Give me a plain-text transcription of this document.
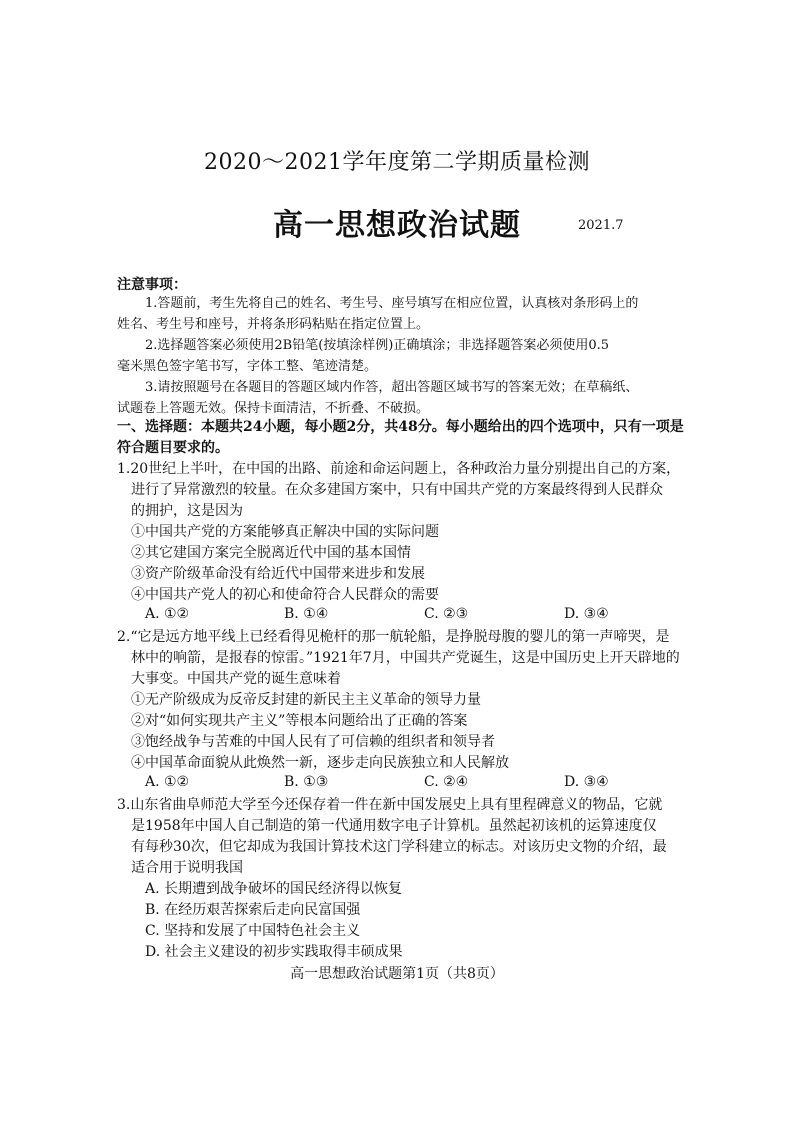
2020～2021学年度第二学期质量检测
高一思想政治试题	2021.7
注意事项：
1.答题前，考生先将自己的姓名、考生号、座号填写在相应位置，认真核对条形码上的
姓名、考生号和座号，并将条形码粘贴在指定位置上。
2.选择题答案必须使用2B铅笔(按填涂样例)正确填涂；非选择题答案必须使用0.5
毫米黑色签字笔书写，字体工整、笔迹清楚。
3.请按照题号在各题目的答题区域内作答，超出答题区域书写的答案无效；在草稿纸、
试题卷上答题无效。保持卡面清洁，不折叠、不破损。
一、选择题：本题共24小题，每小题2分，共48分。每小题给出的四个选项中，只有一项是
符合题目要求的。
1.20世纪上半叶，在中国的出路、前途和命运问题上，各种政治力量分别提出自己的方案，
进行了异常激烈的较量。在众多建国方案中，只有中国共产党的方案最终得到人民群众
的拥护，这是因为
①中国共产党的方案能够真正解决中国的实际问题
②其它建国方案完全脱离近代中国的基本国情
③资产阶级革命没有给近代中国带来进步和发展
④中国共产党人的初心和使命符合人民群众的需要
A. ①②	B. ①④	C. ②③	D. ③④
2.“它是远方地平线上已经看得见桅杆的那一航轮船，是挣脱母腹的婴儿的第一声啼哭，是
林中的响箭，是报春的惊雷。”1921年7月，中国共产党诞生，这是中国历史上开天辟地的
大事变。中国共产党的诞生意味着
①无产阶级成为反帝反封建的新民主主义革命的领导力量
②对“如何实现共产主义”等根本问题给出了正确的答案
③饱经战争与苦难的中国人民有了可信赖的组织者和领导者
④中国革命面貌从此焕然一新，逐步走向民族独立和人民解放
A. ①②	B. ①③	C. ②④	D. ③④
3.山东省曲阜师范大学至今还保存着一件在新中国发展史上具有里程碑意义的物品，它就
是1958年中国人自己制造的第一代通用数字电子计算机。虽然起初该机的运算速度仅
有每秒30次，但它却成为我国计算技术这门学科建立的标志。对该历史文物的介绍，最
适合用于说明我国
A. 长期遭到战争破坏的国民经济得以恢复
B. 在经历艰苦探索后走向民富国强
C. 坚持和发展了中国特色社会主义
D. 社会主义建设的初步实践取得丰硕成果
高一思想政治试题第1页（共8页）
